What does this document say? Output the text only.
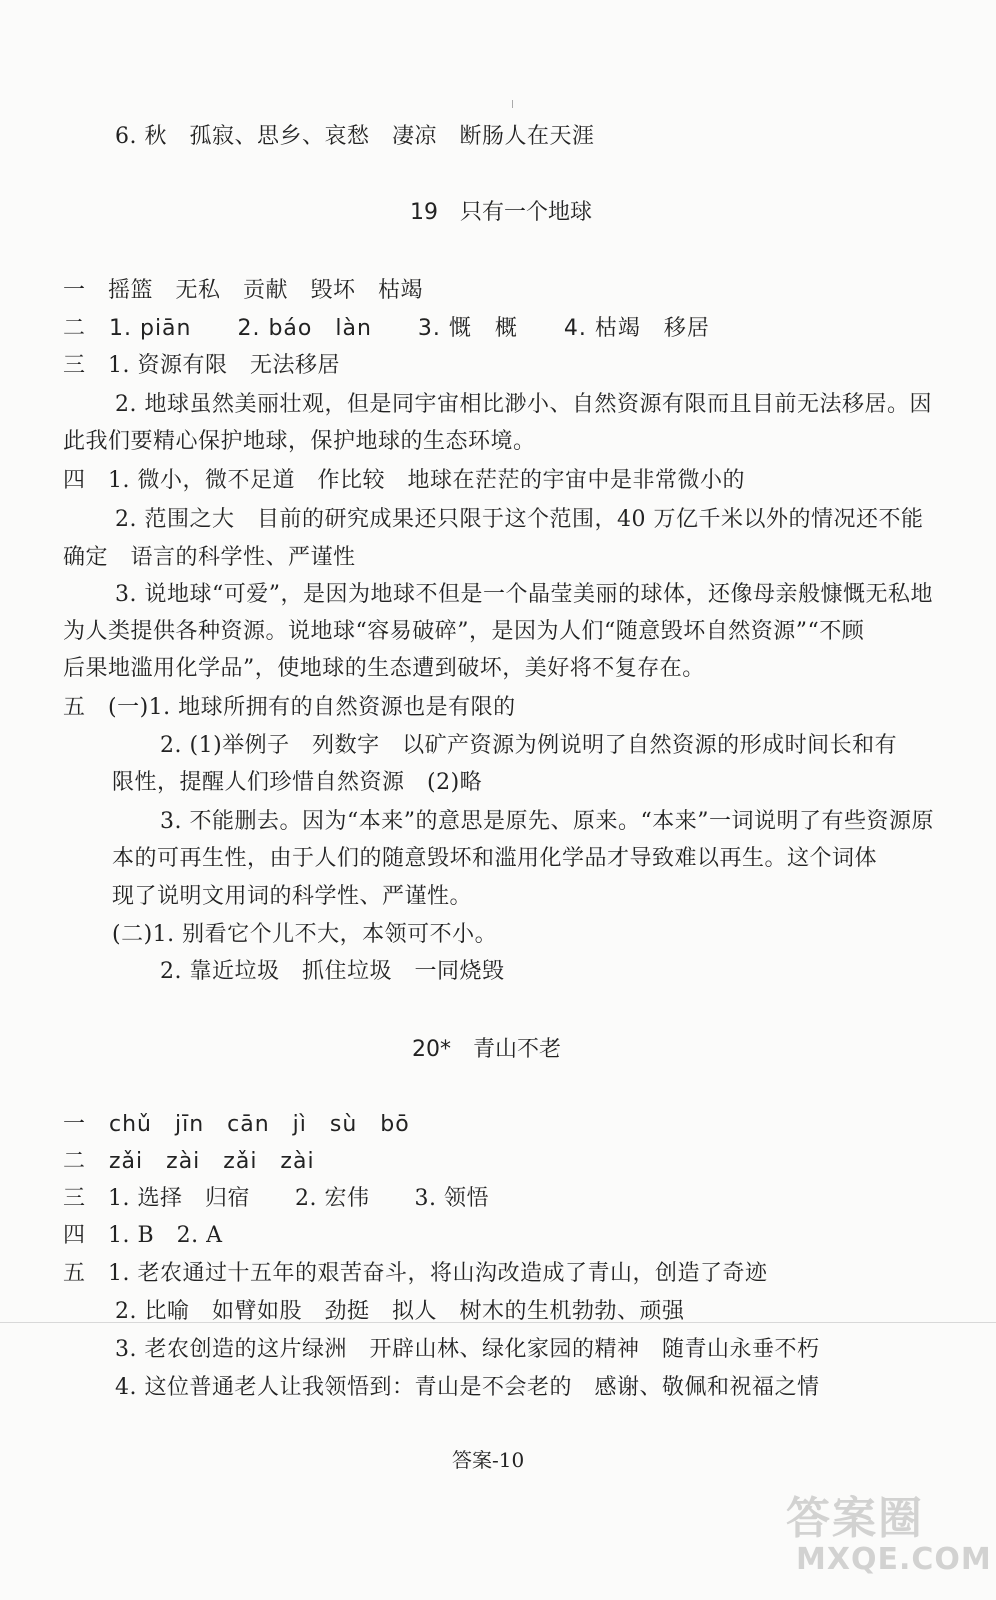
6. 秋　孤寂、思乡、哀愁　凄凉　断肠人在天涯
19　只有一个地球
一　摇篮　无私　贡献　毁坏　枯竭
二　1. piān　　2. báo　làn　　3. 慨　概　　4. 枯竭　移居
三　1. 资源有限　无法移居
2. 地球虽然美丽壮观，但是同宇宙相比渺小、自然资源有限而且目前无法移居。因
此我们要精心保护地球，保护地球的生态环境。
四　1. 微小，微不足道　作比较　地球在茫茫的宇宙中是非常微小的
2. 范围之大　目前的研究成果还只限于这个范围，40 万亿千米以外的情况还不能
确定　语言的科学性、严谨性
3. 说地球“可爱”，是因为地球不但是一个晶莹美丽的球体，还像母亲般慷慨无私地
为人类提供各种资源。说地球“容易破碎”，是因为人们“随意毁坏自然资源”“不顾
后果地滥用化学品”，使地球的生态遭到破坏，美好将不复存在。
五　(一)1. 地球所拥有的自然资源也是有限的
2. (1)举例子　列数字　以矿产资源为例说明了自然资源的形成时间长和有
限性，提醒人们珍惜自然资源　(2)略
3. 不能删去。因为“本来”的意思是原先、原来。“本来”一词说明了有些资源原
本的可再生性，由于人们的随意毁坏和滥用化学品才导致难以再生。这个词体
现了说明文用词的科学性、严谨性。
(二)1. 别看它个儿不大，本领可不小。
2. 靠近垃圾　抓住垃圾　一同烧毁
20*　青山不老
一　chǔ　jīn　cān　jì　sù　bō
二　zǎi　zài　zǎi　zài
三　1. 选择　归宿　　2. 宏伟　　3. 领悟
四　1. B　2. A
五　1. 老农通过十五年的艰苦奋斗，将山沟改造成了青山，创造了奇迹
2. 比喻　如臂如股　劲挺　拟人　树木的生机勃勃、顽强
3. 老农创造的这片绿洲　开辟山林、绿化家园的精神　随青山永垂不朽
4. 这位普通老人让我领悟到：青山是不会老的　感谢、敬佩和祝福之情
答案-10
答案圈
MXQE.COM
